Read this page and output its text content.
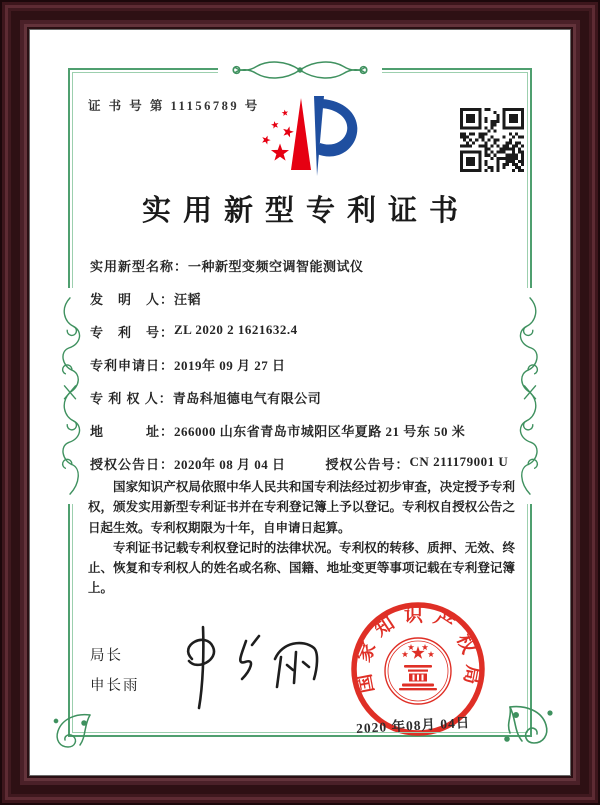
证 书 号 第 11156789 号
实用新型专利证书
实用新型名称： 一种新型变频空调智能测试仪
发　明　人： 汪韬
专　利　号： ZL 2020 2 1621632.4
专利申请日： 2019年 09 月 27 日
专 利 权 人： 青岛科旭德电气有限公司
地　　　址： 266000 山东省青岛市城阳区华夏路 21 号东 50 米
授权公告日： 2020年 08 月 04 日	授权公告号： CN 211179001 U

国家知识产权局依照中华人民共和国专利法经过初步审查，决定授予专利权，颁发实用新型专利证书并在专利登记簿上予以登记。专利权自授权公告之日起生效。专利权期限为十年，自申请日起算。

专利证书记载专利权登记时的法律状况。专利权的转移、质押、无效、终止、恢复和专利权人的姓名或名称、国籍、地址变更等事项记载在专利登记簿上。

局长
申长雨	国家知识产权局
2020 年08月 04日
